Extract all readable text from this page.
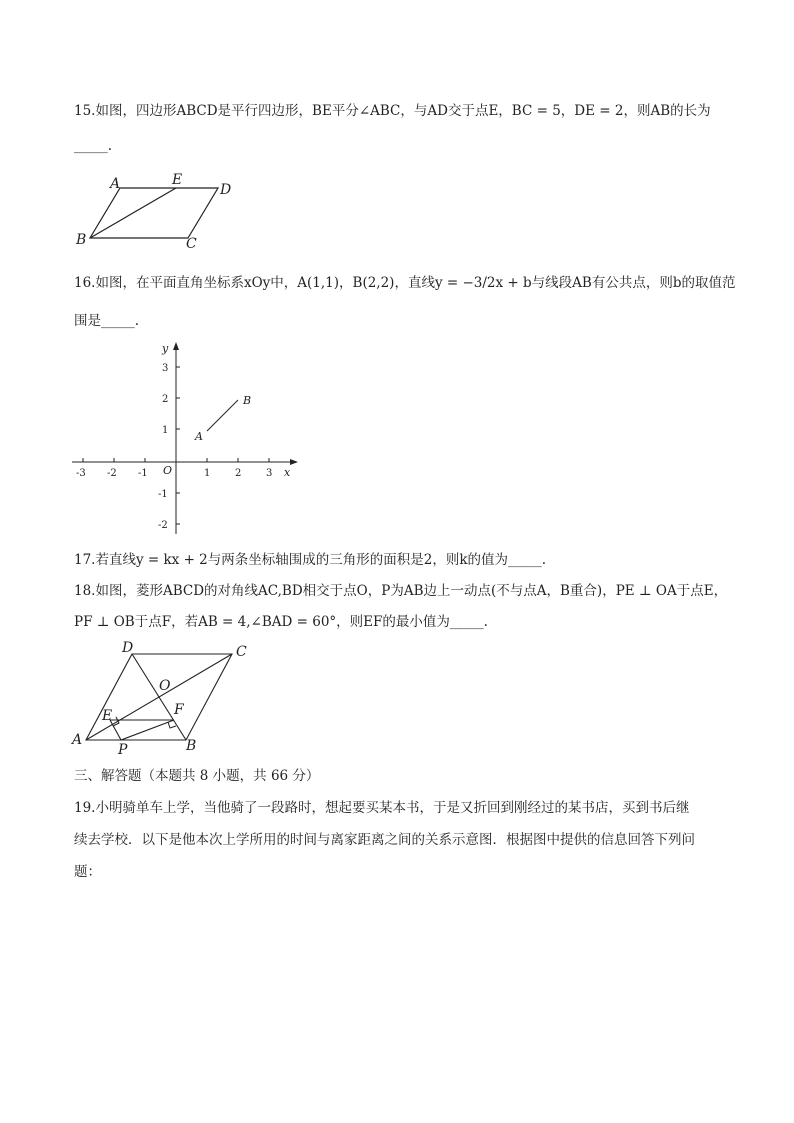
15.如图，四边形ABCD是平行四边形，BE平分∠ABC，与AD交于点E，BC = 5，DE = 2，则AB的长为
_____.
A	E
D
B	C
16.如图，在平面直角坐标系xOy中，A(1,1)，B(2,2)，直线y = −3/2x + b与线段AB有公共点，则b的取值范
围是_____.
-3 -2 -1	1 2 3
3
2
1
-1
-2
x
y
O
A
B
17.若直线y = kx + 2与两条坐标轴围成的三角形的面积是2，则k的值为_____.
18.如图，菱形ABCD的对角线AC,BD相交于点O，P为AB边上一动点(不与点A，B重合)，PE ⊥ OA于点E，
PF ⊥ OB于点F，若AB = 4,∠BAD = 60°，则EF的最小值为_____.
A	B
C
D
O
E	F
P
三、解答题（本题共 8 小题，共 66 分）
19.小明骑单车上学，当他骑了一段路时，想起要买某本书，于是又折回到刚经过的某书店，买到书后继
续去学校．以下是他本次上学所用的时间与离家距离之间的关系示意图．根据图中提供的信息回答下列问
题：
